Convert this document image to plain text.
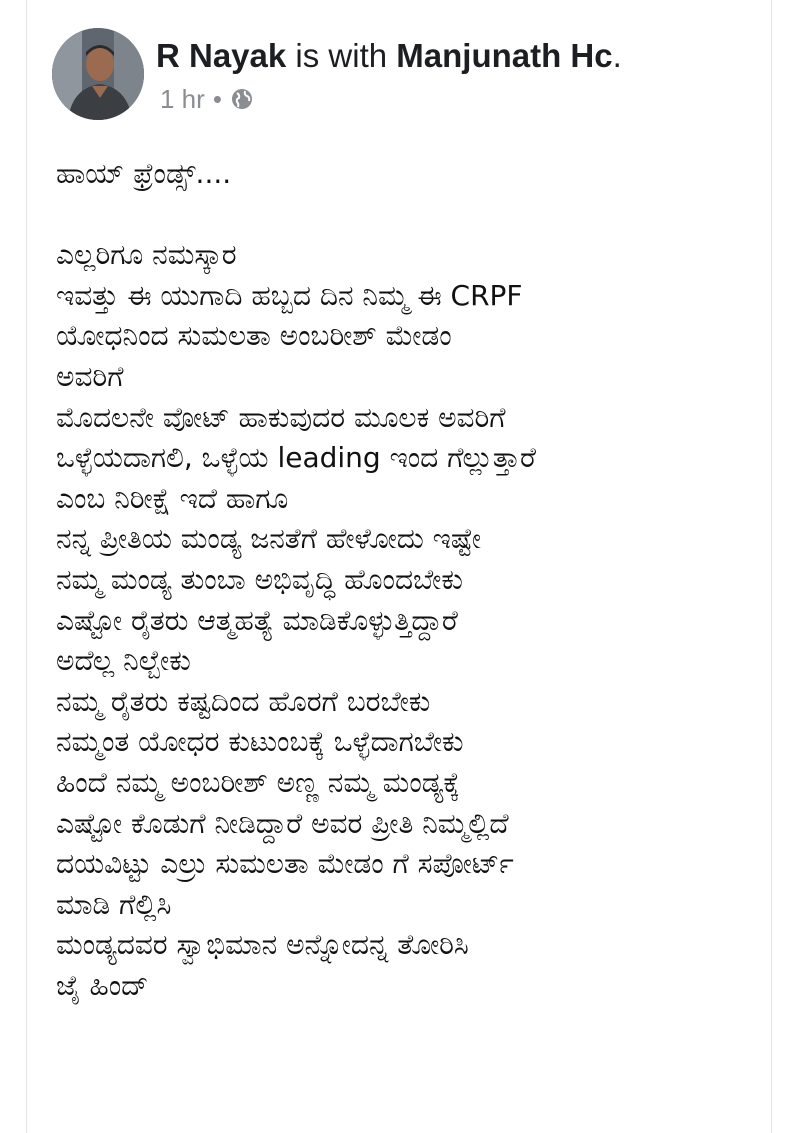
R Nayak is with Manjunath Hc.
1 hr •
ಹಾಯ್ ಫ್ರೆಂಡ್ಸ್....
ಎಲ್ಲರಿಗೂ ನಮಸ್ಕಾರ
ಇವತ್ತು ಈ ಯುಗಾದಿ ಹಬ್ಬದ ದಿನ ನಿಮ್ಮ ಈ CRPF
ಯೋಧನಿಂದ ಸುಮಲತಾ ಅಂಬರೀಶ್ ಮೇಡಂ
ಅವರಿಗೆ
ಮೊದಲನೇ ವೋಟ್ ಹಾಕುವುದರ ಮೂಲಕ ಅವರಿಗೆ
ಒಳ್ಳೆಯದಾಗಲಿ, ಒಳ್ಳೆಯ leading ಇಂದ ಗೆಲ್ಲುತ್ತಾರೆ
ಎಂಬ ನಿರೀಕ್ಷೆ ಇದೆ ಹಾಗೂ
ನನ್ನ ಪ್ರೀತಿಯ ಮಂಡ್ಯ ಜನತೆಗೆ ಹೇಳೋದು ಇಷ್ಟೇ
ನಮ್ಮ ಮಂಡ್ಯ ತುಂಬಾ ಅಭಿವೃದ್ಧಿ ಹೊಂದಬೇಕು
ಎಷ್ಟೋ ರೈತರು ಆತ್ಮಹತ್ಯೆ ಮಾಡಿಕೊಳ್ಳುತ್ತಿದ್ದಾರೆ
ಅದೆಲ್ಲ ನಿಲ್ಬೇಕು
ನಮ್ಮ ರೈತರು ಕಷ್ಟದಿಂದ ಹೊರಗೆ ಬರಬೇಕು
ನಮ್ಮಂತ ಯೋಧರ ಕುಟುಂಬಕ್ಕೆ ಒಳ್ಳೆದಾಗಬೇಕು
ಹಿಂದೆ ನಮ್ಮ ಅಂಬರೀಶ್ ಅಣ್ಣ ನಮ್ಮ ಮಂಡ್ಯಕ್ಕೆ
ಎಷ್ಟೋ ಕೊಡುಗೆ ನೀಡಿದ್ದಾರೆ ಅವರ ಪ್ರೀತಿ ನಿಮ್ಮಲ್ಲಿದೆ
ದಯವಿಟ್ಟು ಎಲ್ರು ಸುಮಲತಾ ಮೇಡಂ ಗೆ ಸಪೋರ್ಟ್
ಮಾಡಿ ಗೆಲ್ಲಿಸಿ
ಮಂಡ್ಯದವರ ಸ್ವಾಭಿಮಾನ ಅನ್ನೋದನ್ನ ತೋರಿಸಿ
ಜೈ ಹಿಂದ್
